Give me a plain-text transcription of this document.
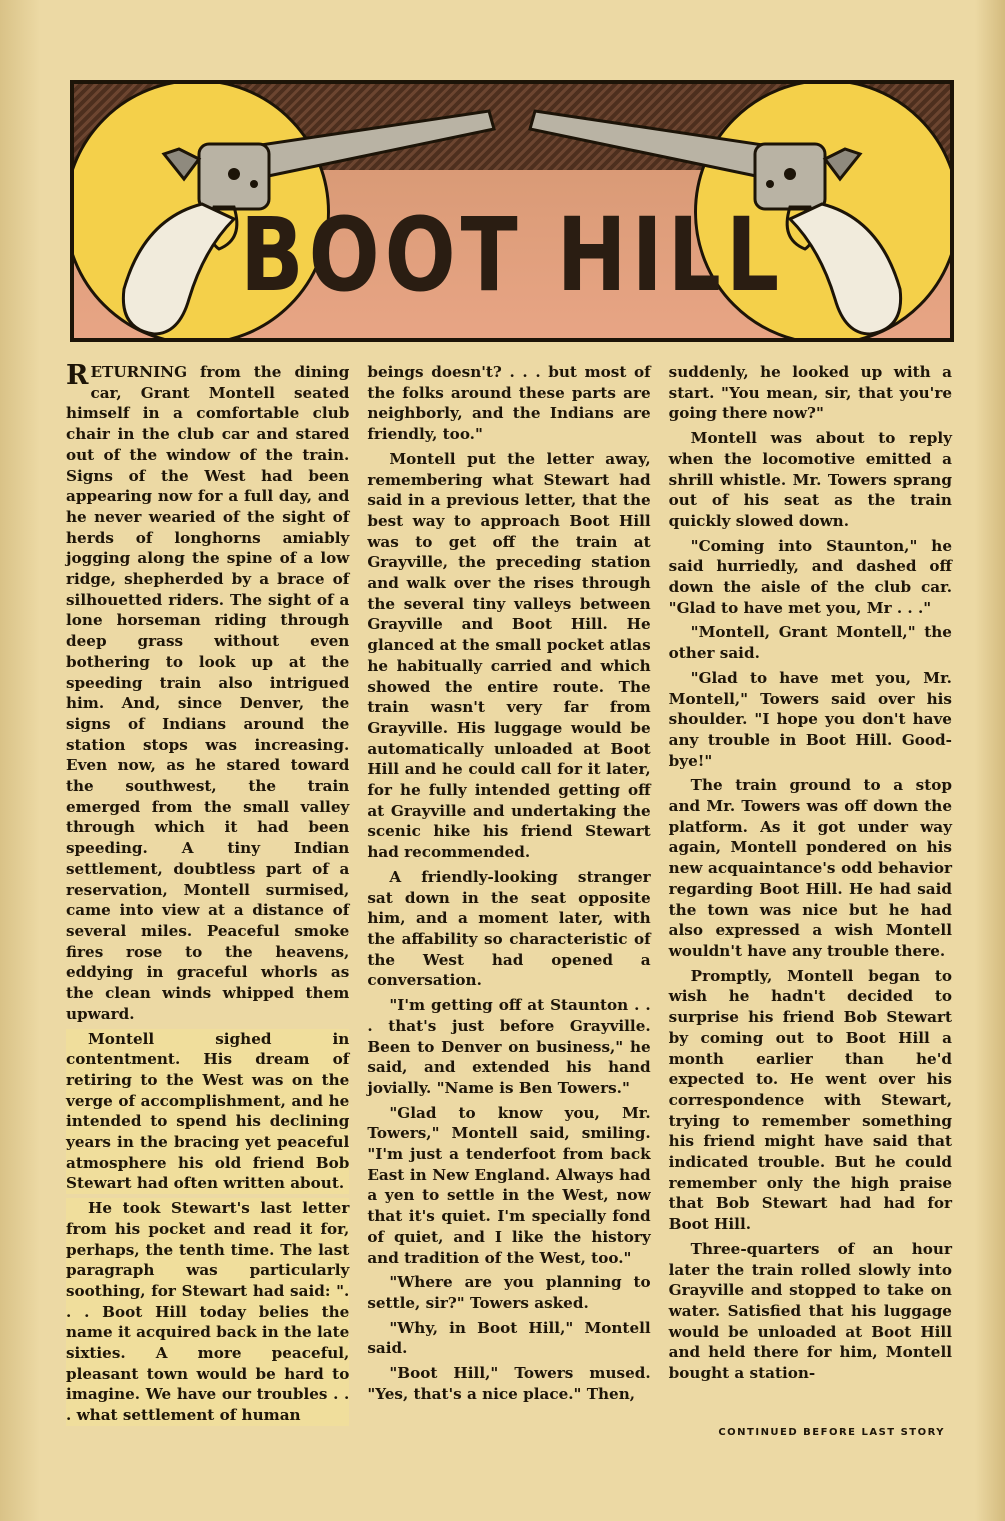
BOOT HILL

RETURNING from the dining car, Grant Montell seated himself in a comfortable club chair in the club car and stared out of the window of the train. Signs of the West had been appearing now for a full day, and he never wearied of the sight of herds of longhorns amiably jogging along the spine of a low ridge, shepherded by a brace of silhouetted riders. The sight of a lone horseman riding through deep grass without even bothering to look up at the speeding train also intrigued him. And, since Denver, the signs of Indians around the station stops was increasing. Even now, as he stared toward the southwest, the train emerged from the small valley through which it had been speeding. A tiny Indian settlement, doubtless part of a reservation, Montell surmised, came into view at a distance of several miles. Peaceful smoke fires rose to the heavens, eddying in graceful whorls as the clean winds whipped them upward.

Montell sighed in contentment. His dream of retiring to the West was on the verge of accomplishment, and he intended to spend his declining years in the bracing yet peaceful atmosphere his old friend Bob Stewart had often written about.

He took Stewart's last letter from his pocket and read it for, perhaps, the tenth time. The last paragraph was particularly soothing, for Stewart had said: ". . . Boot Hill today belies the name it acquired back in the late sixties. A more peaceful, pleasant town would be hard to imagine. We have our troubles . . . what settlement of human

beings doesn't? . . . but most of the folks around these parts are neighborly, and the Indians are friendly, too."

Montell put the letter away, remembering what Stewart had said in a previous letter, that the best way to approach Boot Hill was to get off the train at Grayville, the preceding station and walk over the rises through the several tiny valleys between Grayville and Boot Hill. He glanced at the small pocket atlas he habitually carried and which showed the entire route. The train wasn't very far from Grayville. His luggage would be automatically unloaded at Boot Hill and he could call for it later, for he fully intended getting off at Grayville and undertaking the scenic hike his friend Stewart had recommended.

A friendly-looking stranger sat down in the seat opposite him, and a moment later, with the affability so characteristic of the West had opened a conversation.

"I'm getting off at Staunton . . . that's just before Grayville. Been to Denver on business," he said, and extended his hand jovially. "Name is Ben Towers."

"Glad to know you, Mr. Towers," Montell said, smiling. "I'm just a tenderfoot from back East in New England. Always had a yen to settle in the West, now that it's quiet. I'm specially fond of quiet, and I like the history and tradition of the West, too."

"Where are you planning to settle, sir?" Towers asked.

"Why, in Boot Hill," Montell said.

"Boot Hill," Towers mused. "Yes, that's a nice place." Then,

suddenly, he looked up with a start. "You mean, sir, that you're going there now?"

Montell was about to reply when the locomotive emitted a shrill whistle. Mr. Towers sprang out of his seat as the train quickly slowed down.

"Coming into Staunton," he said hurriedly, and dashed off down the aisle of the club car. "Glad to have met you, Mr . . ."

"Montell, Grant Montell," the other said.

"Glad to have met you, Mr. Montell," Towers said over his shoulder. "I hope you don't have any trouble in Boot Hill. Good-bye!"

The train ground to a stop and Mr. Towers was off down the platform. As it got under way again, Montell pondered on his new acquaintance's odd behavior regarding Boot Hill. He had said the town was nice but he had also expressed a wish Montell wouldn't have any trouble there.

Promptly, Montell began to wish he hadn't decided to surprise his friend Bob Stewart by coming out to Boot Hill a month earlier than he'd expected to. He went over his correspondence with Stewart, trying to remember something his friend might have said that indicated trouble. But he could remember only the high praise that Bob Stewart had had for Boot Hill.

Three-quarters of an hour later the train rolled slowly into Grayville and stopped to take on water. Satisfied that his luggage would be unloaded at Boot Hill and held there for him, Montell bought a station-

CONTINUED BEFORE LAST STORY
